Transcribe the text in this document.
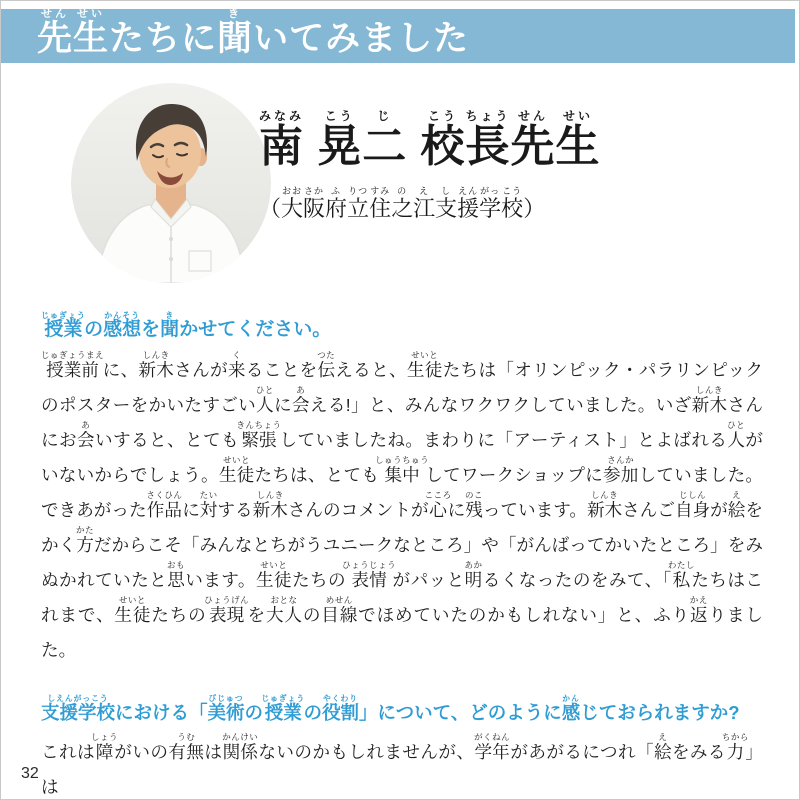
先せん生せいたちに聞きいてみました
南みなみ 晃こう二じ 校こう長ちょう先せん生せい
（大おお阪さか府ふ立りつ住すみ之の江え支し援えん学がっ校こう）

授業じゅぎょうの感想かんそうを聞きかせてください。

授業前じゅぎょうまえに、新木しんきさんが来くることを伝つたえると、生徒せいとたちは「オリンピック・パラリンピックのポスターをかいたすごい人ひとに会あえる!」と、みんなワクワクしていました。いざ新木しんきさんにお会あいすると、とても緊張きんちょうしていましたね。まわりに「アーティスト」とよばれる人ひとがいないからでしょう。生徒せいとたちは、とても集中しゅうちゅうしてワークショップに参加さんかしていました。できあがった作品さくひんに対たいする新木しんきさんのコメントが心こころに残のこっています。新木しんきさんご自身じしんが絵えをかく方かただからこそ「みんなとちがうユニークなところ」や「がんばってかいたところ」をみぬかれていたと思おもいます。生徒せいとたちの表情ひょうじょうがパッと明あかるくなったのをみて、「私わたしたちはこれまで、生徒せいとたちの表現ひょうげんを大人おとなの目線めせんでほめていたのかもしれない」と、ふり返かえりました。

支援学校しえんがっこうにおける「美術びじゅつの授業じゅぎょうの役割やくわり」について、どのように感かんじておられますか?

これは障しょうがいの有無うむは関係かんけいないのかもしれませんが、学年がくねんがあがるにつれ「絵えをみる力ちから」は

32
